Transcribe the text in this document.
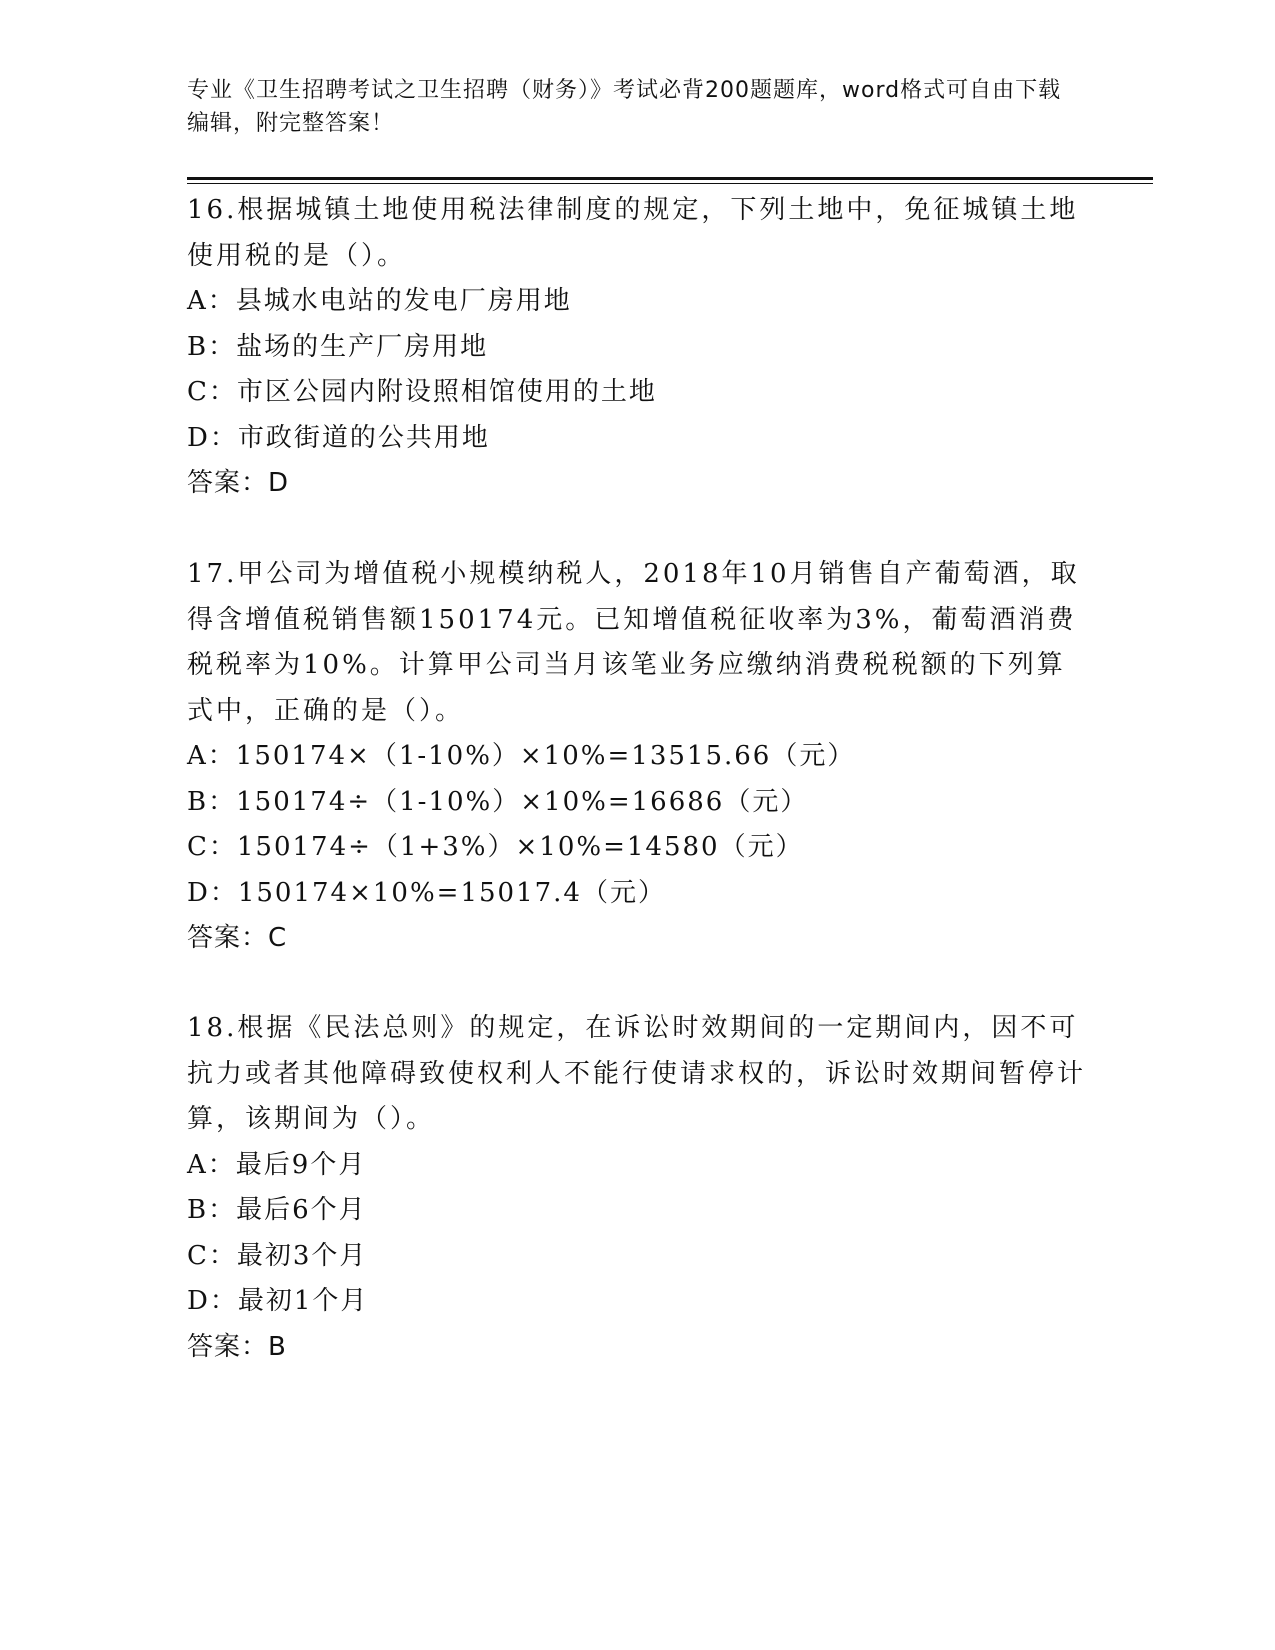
专业《卫生招聘考试之卫生招聘（财务）》考试必背200题题库，word格式可自由下载编辑，附完整答案！

16.根据城镇土地使用税法律制度的规定，下列土地中，免征城镇土地使用税的是（）。

A：县城水电站的发电厂房用地

B：盐场的生产厂房用地

C：市区公园内附设照相馆使用的土地

D：市政街道的公共用地

答案：D

17.甲公司为增值税小规模纳税人，2018年10月销售自产葡萄酒，取得含增值税销售额150174元。已知增值税征收率为3%，葡萄酒消费税税率为10%。计算甲公司当月该笔业务应缴纳消费税税额的下列算式中，正确的是（）。

A：150174×（1-10%）×10%=13515.66（元）

B：150174÷（1-10%）×10%=16686（元）

C：150174÷（1+3%）×10%=14580（元）

D：150174×10%=15017.4（元）

答案：C

18.根据《民法总则》的规定，在诉讼时效期间的一定期间内，因不可抗力或者其他障碍致使权利人不能行使请求权的，诉讼时效期间暂停计算，该期间为（）。

A：最后9个月

B：最后6个月

C：最初3个月

D：最初1个月

答案：B
